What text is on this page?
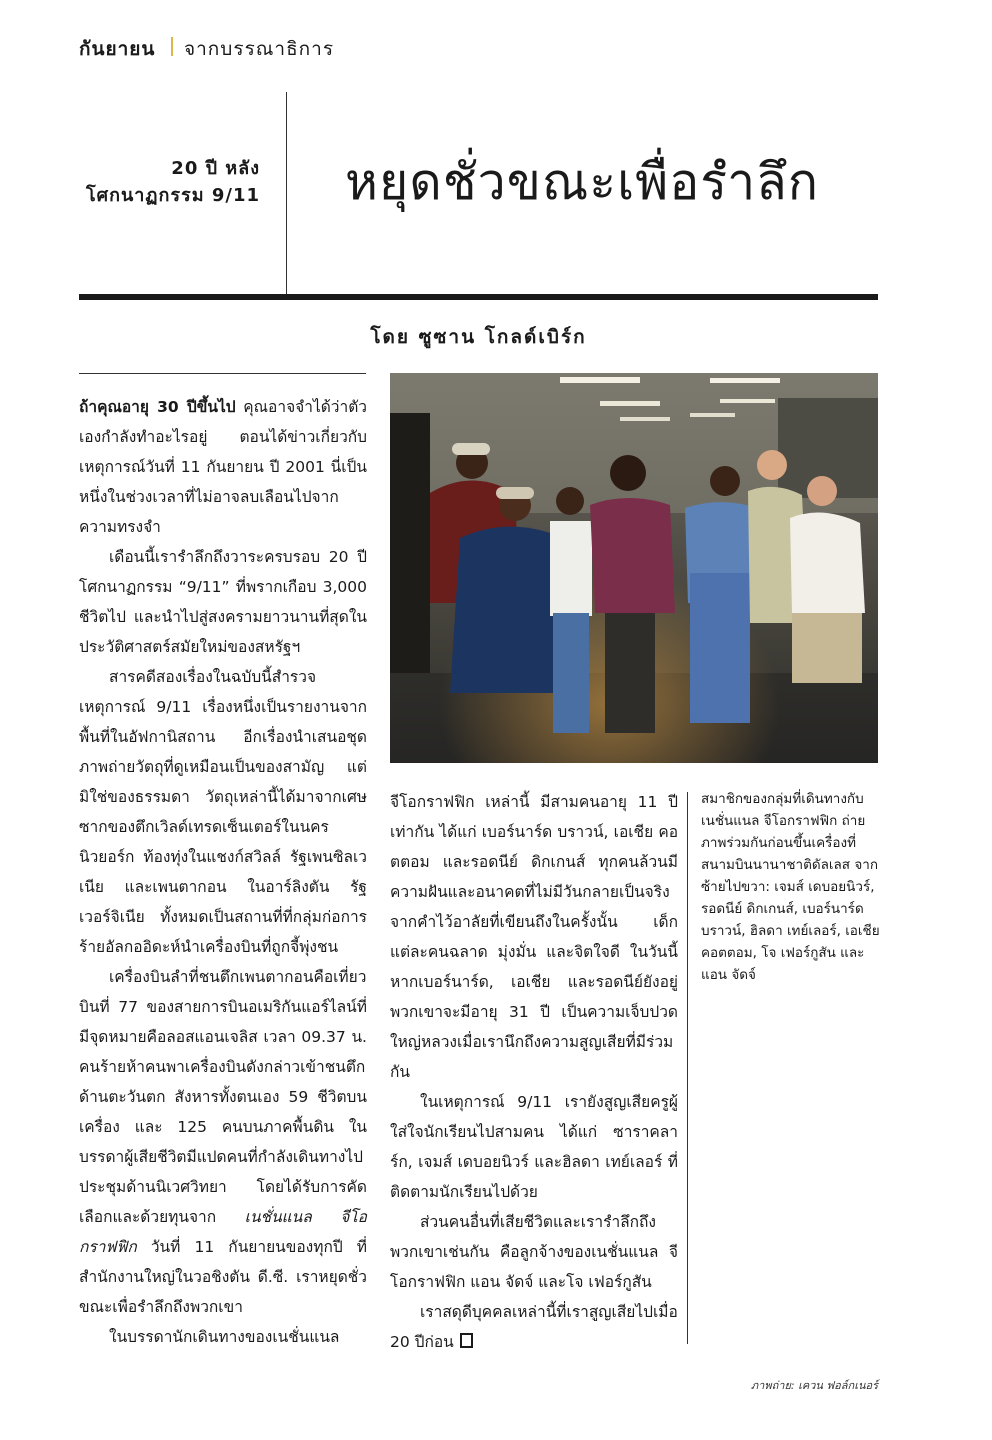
กันยายน จากบรรณาธิการ
20 ปี หลัง
โศกนาฏกรรม 9/11 หยุดชั่วขณะเพื่อรำลึก
โดย ซูซาน โกลด์เบิร์ก

ถ้าคุณอายุ 30 ปีขึ้นไป คุณอาจจำได้ว่าตัวเองกำลังทำอะไรอยู่ ตอนได้ข่าวเกี่ยวกับเหตุการณ์วันที่ 11 กันยายน ปี 2001 นี่เป็นหนึ่งในช่วงเวลาที่ไม่อาจลบเลือนไปจากความทรงจำ

เดือนนี้เรารำลึกถึงวาระครบรอบ 20 ปี โศกนาฏกรรม “9/11” ที่พรากเกือบ 3,000 ชีวิตไป และนำไปสู่สงครามยาวนานที่สุดในประวัติศาสตร์สมัยใหม่ของสหรัฐฯ

สารคดีสองเรื่องในฉบับนี้สำรวจเหตุการณ์ 9/11 เรื่องหนึ่งเป็นรายงานจากพื้นที่ในอัฟกานิสถาน อีกเรื่องนำเสนอชุดภาพถ่ายวัตถุที่ดูเหมือนเป็นของสามัญ แต่มิใช่ของธรรมดา วัตถุเหล่านี้ได้มาจากเศษซากของตึกเวิลด์เทรดเซ็นเตอร์ในนครนิวยอร์ก ท้องทุ่งในแชงก์สวิลล์ รัฐเพนซิลเวเนีย และเพนตากอน ในอาร์ลิงตัน รัฐเวอร์จิเนีย ทั้งหมดเป็นสถานที่ที่กลุ่มก่อการร้ายอัลกออิดะห์นำเครื่องบินที่ถูกจี้พุ่งชน

เครื่องบินลำที่ชนตึกเพนตากอนคือเที่ยวบินที่ 77 ของสายการบินอเมริกันแอร์ไลน์ที่มีจุดหมายคือลอสแอนเจลิส เวลา 09.37 น. คนร้ายห้าคนพาเครื่องบินดังกล่าวเข้าชนตึกด้านตะวันตก สังหารทั้งตนเอง 59 ชีวิตบนเครื่อง และ 125 คนบนภาคพื้นดิน ในบรรดาผู้เสียชีวิตมีแปดคนที่กำลังเดินทางไปประชุมด้านนิเวศวิทยา โดยได้รับการคัดเลือกและด้วยทุนจาก เนชั่นแนล จีโอกราฟฟิก วันที่ 11 กันยายนของทุกปี ที่สำนักงานใหญ่ในวอชิงตัน ดี.ซี. เราหยุดชั่วขณะเพื่อรำลึกถึงพวกเขา

ในบรรดานักเดินทางของเนชั่นแนล

จีโอกราฟฟิก เหล่านี้ มีสามคนอายุ 11 ปีเท่ากัน ได้แก่ เบอร์นาร์ด บราวน์, เอเชีย คอตตอม และรอดนีย์ ดิกเกนส์ ทุกคนล้วนมีความฝันและอนาคตที่ไม่มีวันกลายเป็นจริง จากคำไว้อาลัยที่เขียนถึงในครั้งนั้น เด็กแต่ละคนฉลาด มุ่งมั่น และจิตใจดี ในวันนี้ หากเบอร์นาร์ด, เอเชีย และรอดนีย์ยังอยู่ พวกเขาจะมีอายุ 31 ปี เป็นความเจ็บปวดใหญ่หลวงเมื่อเรานึกถึงความสูญเสียที่มีร่วมกัน

ในเหตุการณ์ 9/11 เรายังสูญเสียครูผู้ใส่ใจนักเรียนไปสามคน ได้แก่ ซาราคลาร์ก, เจมส์ เดบอยนิวร์ และฮิลดา เทย์เลอร์ ที่ติดตามนักเรียนไปด้วย

ส่วนคนอื่นที่เสียชีวิตและเรารำลึกถึงพวกเขาเช่นกัน คือลูกจ้างของเนชั่นแนล จีโอกราฟฟิก แอน จัดจ์ และโจ เฟอร์กูสัน

เราสดุดีบุคคลเหล่านี้ที่เราสูญเสียไปเมื่อ 20 ปีก่อน

สมาชิกของกลุ่มที่เดินทางกับเนชั่นแนล จีโอกราฟฟิก ถ่ายภาพร่วมกันก่อนขึ้นเครื่องที่สนามบินนานาชาติดัลเลส จากซ้ายไปขวา: เจมส์ เดบอยนิวร์, รอดนีย์ ดิกเกนส์, เบอร์นาร์ด บราวน์, ฮิลดา เทย์เลอร์, เอเชีย คอตตอม, โจ เฟอร์กูสัน และแอน จัดจ์
ภาพถ่าย: เควน ฟอล์กเนอร์
